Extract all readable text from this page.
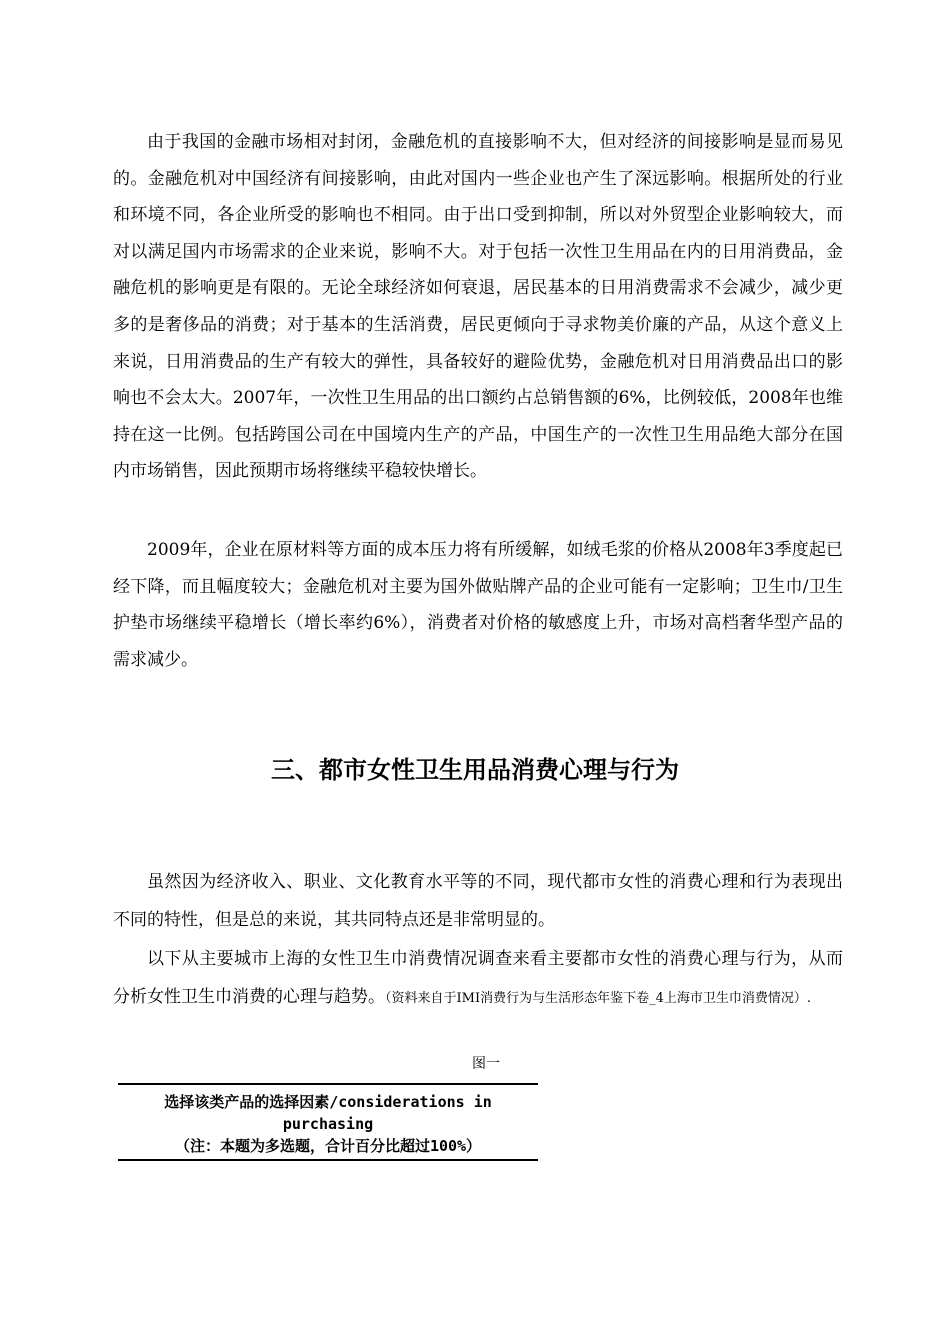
由于我国的金融市场相对封闭，金融危机的直接影响不大，但对经济的间接影响是显而易见的。金融危机对中国经济有间接影响，由此对国内一些企业也产生了深远影响。根据所处的行业和环境不同，各企业所受的影响也不相同。由于出口受到抑制，所以对外贸型企业影响较大，而对以满足国内市场需求的企业来说，影响不大。对于包括一次性卫生用品在内的日用消费品，金融危机的影响更是有限的。无论全球经济如何衰退，居民基本的日用消费需求不会减少，减少更多的是奢侈品的消费；对于基本的生活消费，居民更倾向于寻求物美价廉的产品，从这个意义上来说，日用消费品的生产有较大的弹性，具备较好的避险优势，金融危机对日用消费品出口的影响也不会太大。2007年，一次性卫生用品的出口额约占总销售额的6%，比例较低，2008年也维持在这一比例。包括跨国公司在中国境内生产的产品，中国生产的一次性卫生用品绝大部分在国内市场销售，因此预期市场将继续平稳较快增长。

2009年，企业在原材料等方面的成本压力将有所缓解，如绒毛浆的价格从2008年3季度起已经下降，而且幅度较大；金融危机对主要为国外做贴牌产品的企业可能有一定影响；卫生巾/卫生护垫市场继续平稳增长（增长率约6%），消费者对价格的敏感度上升，市场对高档奢华型产品的需求减少。

三、都市女性卫生用品消费心理与行为

虽然因为经济收入、职业、文化教育水平等的不同，现代都市女性的消费心理和行为表现出不同的特性，但是总的来说，其共同特点还是非常明显的。

以下从主要城市上海的女性卫生巾消费情况调查来看主要都市女性的消费心理与行为，从而分析女性卫生巾消费的心理与趋势。（资料来自于IMI消费行为与生活形态年鉴下卷_4上海市卫生巾消费情况）.

图一

选择该类产品的选择因素/considerations in purchasing
（注：本题为多选题，合计百分比超过100%）
